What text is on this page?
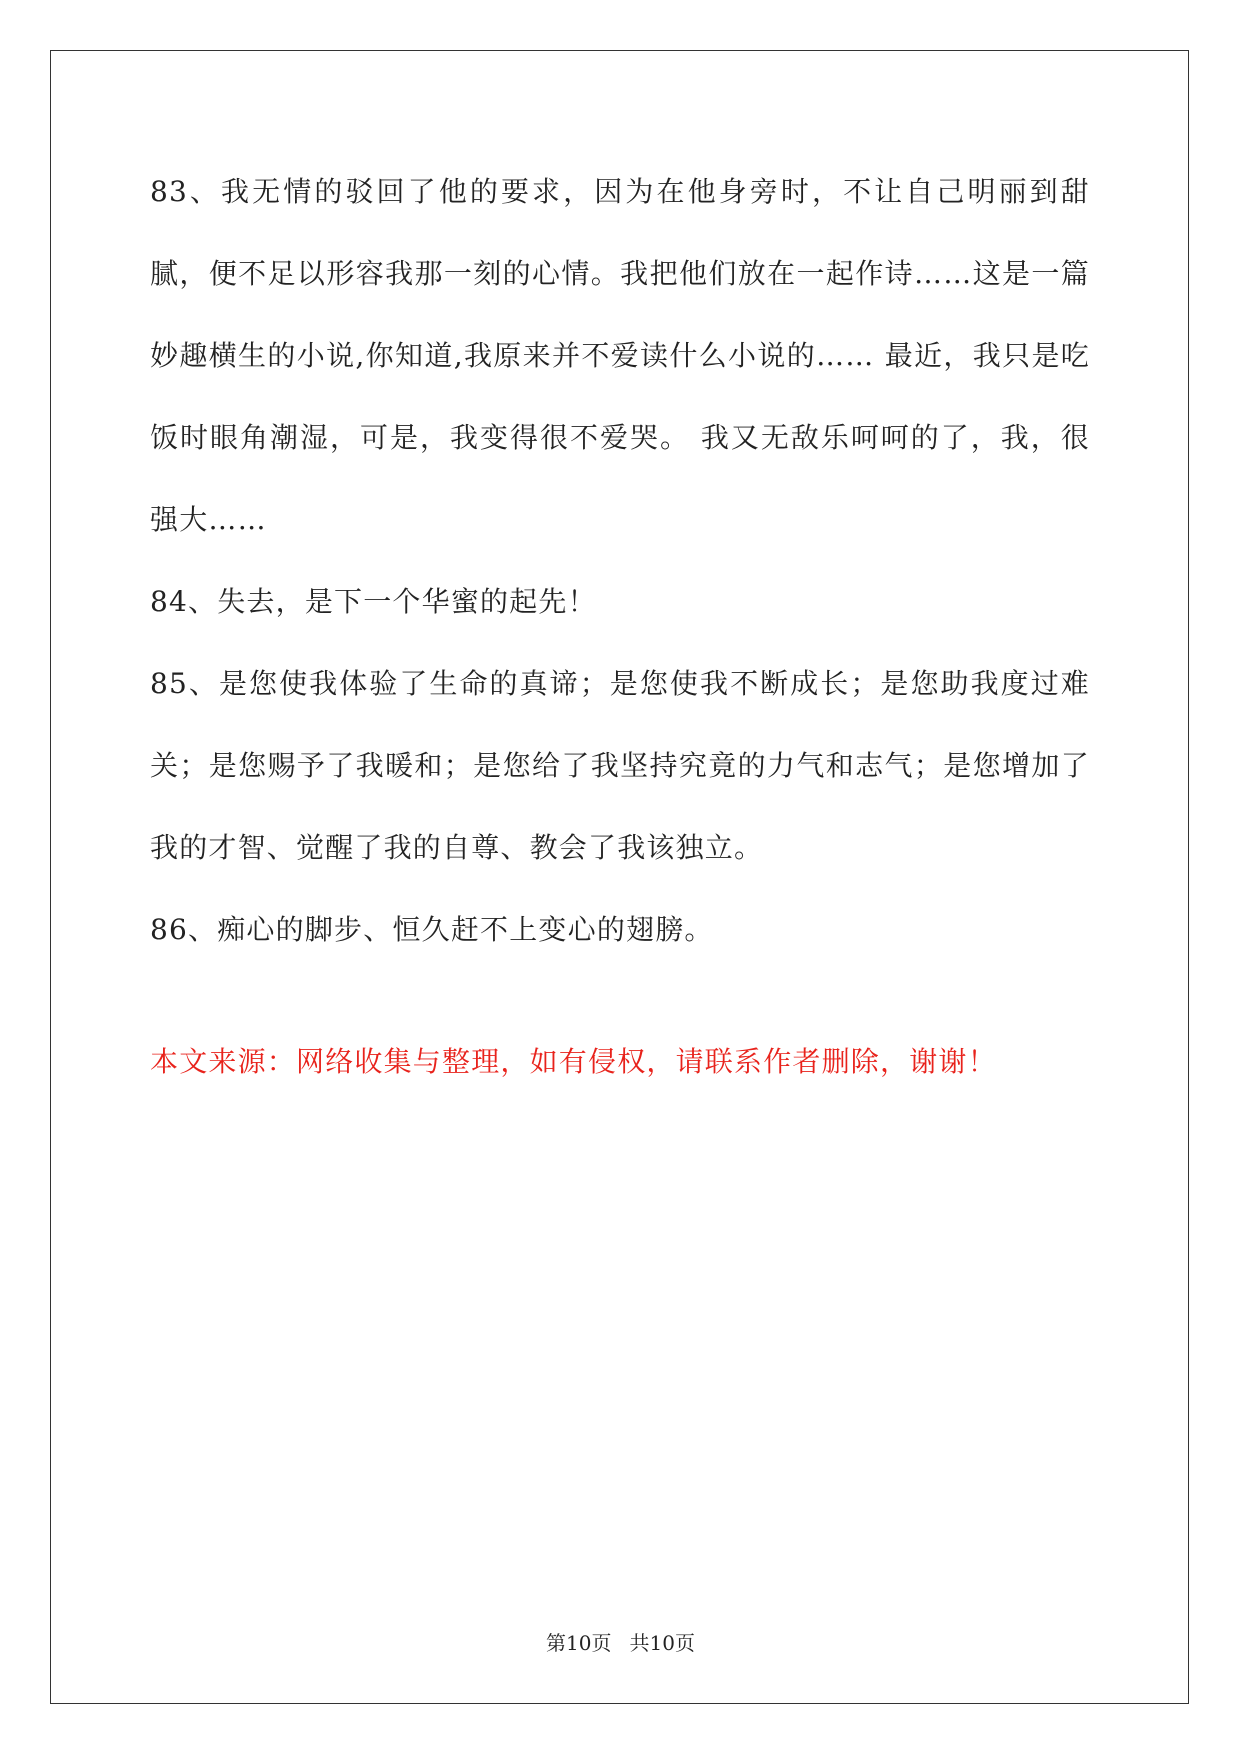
83、我无情的驳回了他的要求，因为在他身旁时，不让自己明丽到甜腻，便不足以形容我那一刻的心情。我把他们放在一起作诗……这是一篇妙趣横生的小说,你知道,我原来并不爱读什么小说的…… 最近，我只是吃饭时眼角潮湿，可是，我变得很不爱哭。 我又无敌乐呵呵的了，我，很强大……

84、失去，是下一个华蜜的起先！

85、是您使我体验了生命的真谛；是您使我不断成长；是您助我度过难关；是您赐予了我暖和；是您给了我坚持究竟的力气和志气；是您增加了我的才智、觉醒了我的自尊、教会了我该独立。

86、痴心的脚步、恒久赶不上变心的翅膀。

本文来源：网络收集与整理，如有侵权，请联系作者删除，谢谢！

第10页 共10页
